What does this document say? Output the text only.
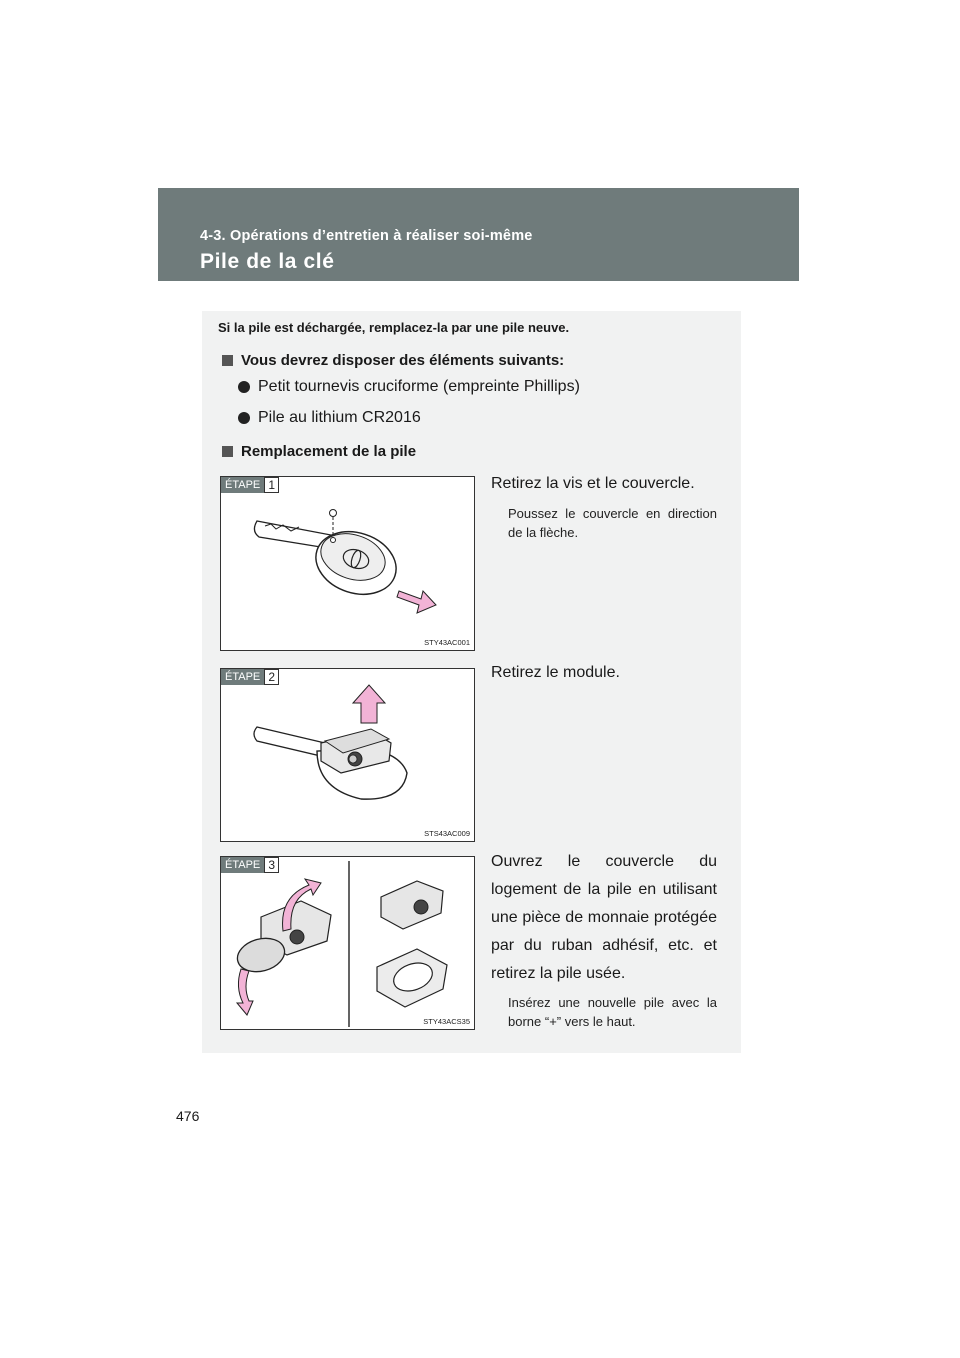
4-3. Opérations d’entretien à réaliser soi-même
Pile de la clé
Si la pile est déchargée, remplacez-la par une pile neuve.
Vous devrez disposer des éléments suivants:
Petit tournevis cruciforme (empreinte Phillips)
Pile au lithium CR2016
Remplacement de la pile
ÉTAPE 1
STY43AC001
Retirez la vis et le couvercle.
Poussez le couvercle en direction de la flèche.
ÉTAPE 2
STS43AC009
Retirez le module.
ÉTAPE 3
STY43ACS35
Ouvrez le couvercle du logement de la pile en utilisant une pièce de monnaie protégée par du ruban adhésif, etc. et retirez la pile usée.
Insérez une nouvelle pile avec la borne “+” vers le haut.
476
